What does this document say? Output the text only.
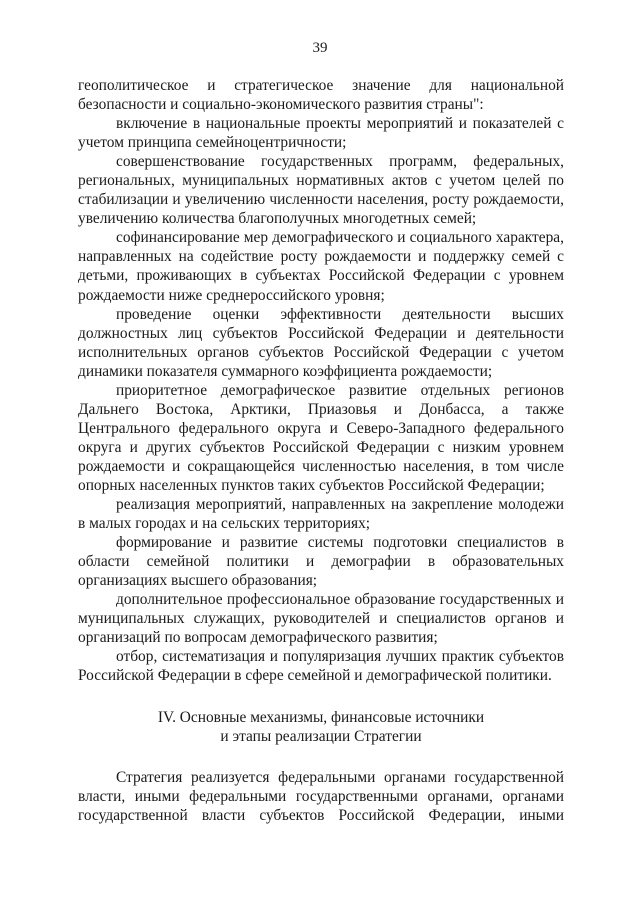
39

геополитическое и стратегическое значение для национальной безопасности и социально-экономического развития страны":

включение в национальные проекты мероприятий и показателей с учетом принципа семейноцентричности;

совершенствование государственных программ, федеральных, региональных, муниципальных нормативных актов с учетом целей по стабилизации и увеличению численности населения, росту рождаемости, увеличению количества благополучных многодетных семей;

софинансирование мер демографического и социального характера, направленных на содействие росту рождаемости и поддержку семей с детьми, проживающих в субъектах Российской Федерации с уровнем рождаемости ниже среднероссийского уровня;

проведение оценки эффективности деятельности высших должностных лиц субъектов Российской Федерации и деятельности исполнительных органов субъектов Российской Федерации с учетом динамики показателя суммарного коэффициента рождаемости;

приоритетное демографическое развитие отдельных регионов Дальнего Востока, Арктики, Приазовья и Донбасса, а также Центрального федерального округа и Северо-Западного федерального округа и других субъектов Российской Федерации с низким уровнем рождаемости и сокращающейся численностью населения, в том числе опорных населенных пунктов таких субъектов Российской Федерации;

реализация мероприятий, направленных на закрепление молодежи в малых городах и на сельских территориях;

формирование и развитие системы подготовки специалистов в области семейной политики и демографии в образовательных организациях высшего образования;

дополнительное профессиональное образование государственных и муниципальных служащих, руководителей и специалистов органов и организаций по вопросам демографического развития;

отбор, систематизация и популяризация лучших практик субъектов Российской Федерации в сфере семейной и демографической политики.

IV. Основные механизмы, финансовые источники
и этапы реализации Стратегии

Стратегия реализуется федеральными органами государственной власти, иными федеральными государственными органами, органами государственной власти субъектов Российской Федерации, иными
